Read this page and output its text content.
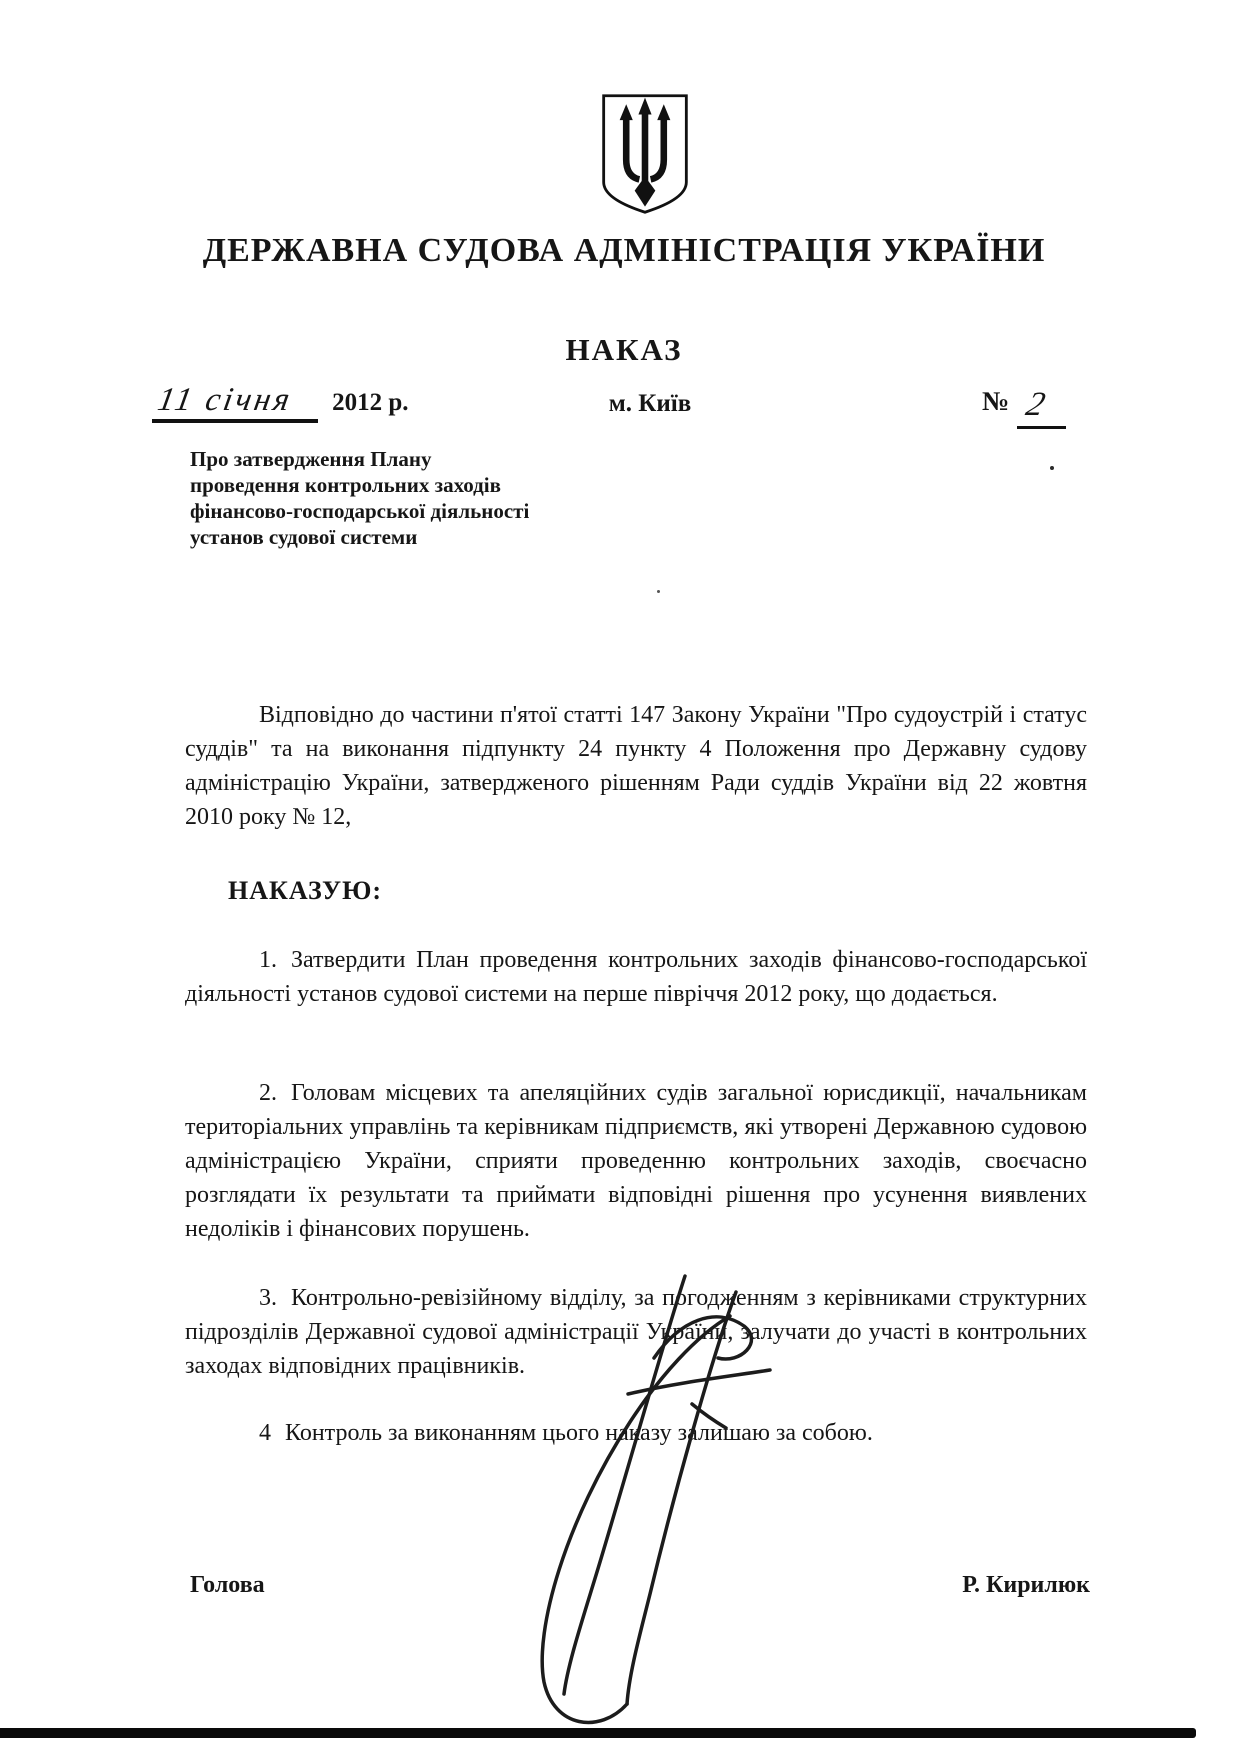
ДЕРЖАВНА СУДОВА АДМІНІСТРАЦІЯ УКРАЇНИ
НАКАЗ
11 січня 2012 р.	м. Київ	№ 2
Про затвердження Плану
проведення контрольних заходів
фінансово-господарської діяльності
установ судової системи

Відповідно до частини п'ятої статті 147 Закону України "Про судоустрій і статус суддів" та на виконання підпункту 24 пункту 4 Положення про Державну судову адміністрацію України, затвердженого рішенням Ради суддів України від 22 жовтня 2010 року № 12,

НАКАЗУЮ:

1. Затвердити План проведення контрольних заходів фінансово-господарської діяльності установ судової системи на перше півріччя 2012 року, що додається.

2. Головам місцевих та апеляційних судів загальної юрисдикції, начальникам територіальних управлінь та керівникам підприємств, які утворені Державною судовою адміністрацією України, сприяти проведенню контрольних заходів, своєчасно розглядати їх результати та приймати відповідні рішення про усунення виявлених недоліків і фінансових порушень.

3. Контрольно-ревізійному відділу, за погодженням з керівниками структурних підрозділів Державної судової адміністрації України, залучати до участі в контрольних заходах відповідних працівників.

4 Контроль за виконанням цього наказу залишаю за собою.

Голова	Р. Кирилюк
